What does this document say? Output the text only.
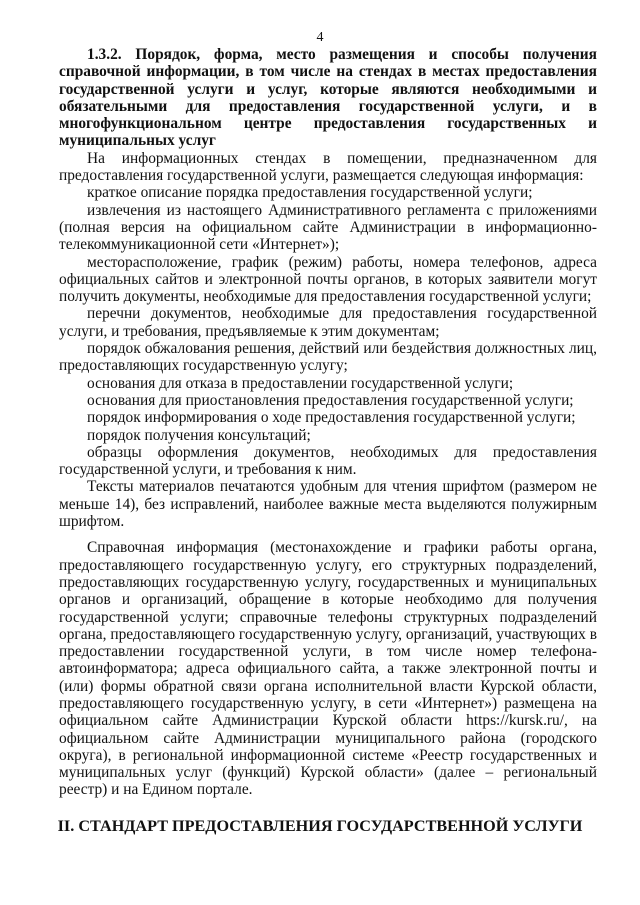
4

1.3.2. Порядок, форма, место размещения и способы получения справочной информации, в том числе на стендах в местах предоставления государственной услуги и услуг, которые являются необходимыми и обязательными для предоставления государственной услуги, и в многофункциональном центре предоставления государственных и муниципальных услуг

На информационных стендах в помещении, предназначенном для предоставления государственной услуги, размещается следующая информация:

краткое описание порядка предоставления государственной услуги;

извлечения из настоящего Административного регламента с приложениями (полная версия на официальном сайте Администрации в информационно-телекоммуникационной сети «Интернет»);

месторасположение, график (режим) работы, номера телефонов, адреса официальных сайтов и электронной почты органов, в которых заявители могут получить документы, необходимые для предоставления государственной услуги;

перечни документов, необходимые для предоставления государственной услуги, и требования, предъявляемые к этим документам;

порядок обжалования решения, действий или бездействия должностных лиц, предоставляющих государственную услугу;

основания для отказа в предоставлении государственной услуги;

основания для приостановления предоставления государственной услуги;

порядок информирования о ходе предоставления государственной услуги;

порядок получения консультаций;

образцы оформления документов, необходимых для предоставления государственной услуги, и требования к ним.

Тексты материалов печатаются удобным для чтения шрифтом (размером не меньше 14), без исправлений, наиболее важные места выделяются полужирным шрифтом.

Справочная информация (местонахождение и графики работы органа, предоставляющего государственную услугу, его структурных подразделений, предоставляющих государственную услугу, государственных и муниципальных органов и организаций, обращение в которые необходимо для получения государственной услуги; справочные телефоны структурных подразделений органа, предоставляющего государственную услугу, организаций, участвующих в предоставлении государственной услуги, в том числе номер телефона-автоинформатора; адреса официального сайта, а также электронной почты и (или) формы обратной связи органа исполнительной власти Курской области, предоставляющего государственную услугу, в сети «Интернет») размещена на официальном сайте Администрации Курской области https://kursk.ru/, на официальном сайте Администрации муниципального района (городского округа), в региональной информационной системе «Реестр государственных и муниципальных услуг (функций) Курской области» (далее – региональный реестр) и на Едином портале.

II. СТАНДАРТ ПРЕДОСТАВЛЕНИЯ ГОСУДАРСТВЕННОЙ УСЛУГИ
